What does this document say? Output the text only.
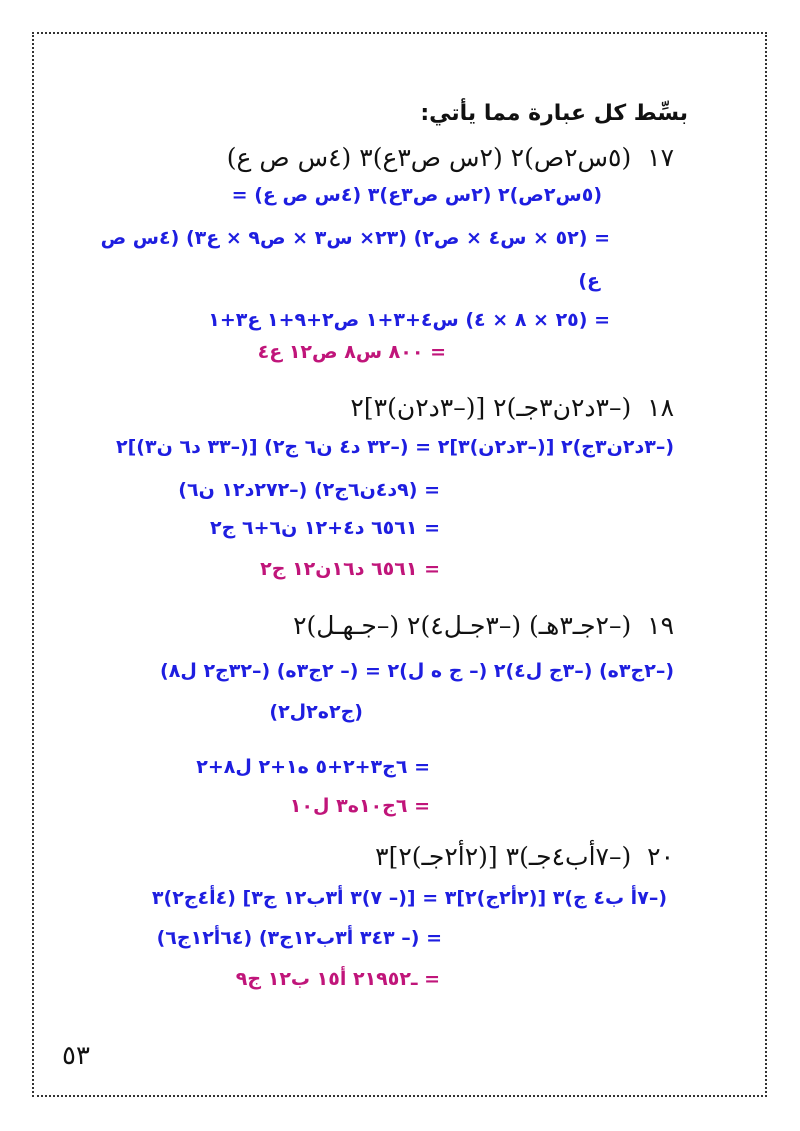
بسِّط كل عبارة مما يأتي:
١٧  (٥س٢ص)٢ (٢س ص٣ع)٣ (٤س ص ع)
(٥س٢ص)٢ (٢س ص٣ع)٣ (٤س ص ع) =
= (٥٢ × س٤ × ص٢) (٢٣× س٣ × ص٩ × ع٣) (٤س ص
ع)
= (٢٥ × ٨ × ٤) س٤+٣+١ ص٢+٩+١ ع٣+١
= ٨٠٠ س٨ ص١٢ ع٤
١٨  (–٣د٢ن٣جـ)٢ [(–٣د٢ن)٣]٢
(–٣د٢ن٣ج)٢ [(–٣د٢ن)٣]٢ = (–٣٢ د٤ ن٦ ج٢) [(–٣٣ د٦ ن٣)]٢
= (٩د٤ن٦ج٢) (–٢٧٢د١٢ ن٦)
= ٦٥٦١ د٤+١٢ ن٦+٦ ج٢
= ٦٥٦١ د١٦ن١٢ ج٢
١٩  (–٢جـ٣هـ) (–٣جـل٤)٢ (–جـهـل)٢
(–٢ج٣ه) (–٣ج ل٤)٢ (– ج ه ل)٢ = (– ٢ج٣ه) (–٣٢ج٢ ل٨)
(ج٢ه٢ل٢)
= ٦ج٣+٢+٥ ه١+٢ ل٨+٢
= ٦ج١٠ه٣ ل١٠
٢٠  (–٧أب٤جـ)٣ [(٢أ٢جـ)٢]٣
(–٧أ ب٤ ج)٣ [(٢أ٢ج)٢]٣ = [(– ٧)٣ أ٣ب١٢ ج٣] (٤أ٤ج٢)٣
= (– ٣٤٣ أ٣ب١٢ج٣) (٦٤أ١٢ج٦)
= ـ٢١٩٥٢ أ١٥ ب١٢ ج٩
٥٣
